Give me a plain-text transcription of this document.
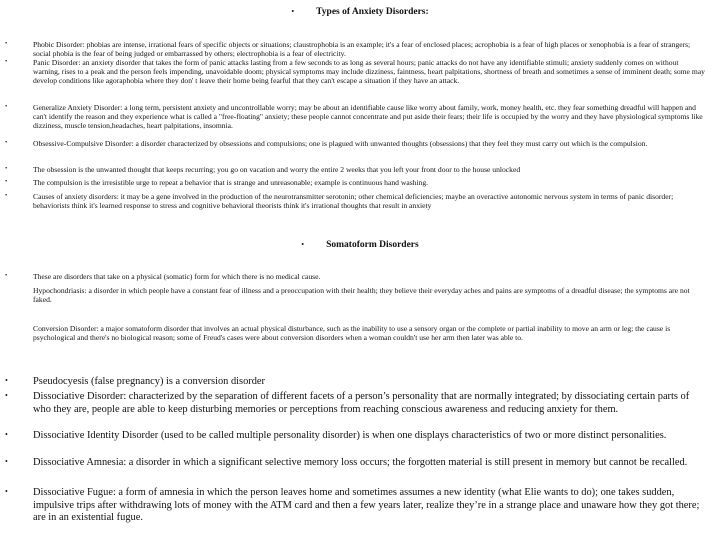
• Types of Anxiety Disorders:
•	Phobic Disorder: phobias are intense, irrational fears of specific objects or situations; claustrophobia is an example; it's a fear of enclosed places; acrophobia is a fear of high places or xenophobia is a fear of strangers; social phobia is the fear of being judged or embarrassed by others; electrophobia is a fear of electricity.
•	Panic Disorder: an anxiety disorder that takes the form of panic attacks lasting from a few seconds to as long as several hours; panic attacks do not have any identifiable stimuli; anxiety suddenly comes on without warning, rises to a peak and the person feels impending, unavoidable doom; physical symptoms may include dizziness, faintness, heart palpitations, shortness of breath and sometimes a sense of imminent death; some may develop conditions like agoraphobia where they don' t leave their home being fearful that they can't escape a situation if they have an attack.
•	Generalize Anxiety Disorder: a long term, persistent anxiety and uncontrollable worry; may be about an identifiable cause like worry about family, work, money health, etc. they fear something dreadful will happen and can't identify the reason and they experience what is called a "free-floating" anxiety; these people cannot concentrate and put aside their fears; their life is occupied by the worry and they have physiological symptoms like dizziness, muscle tension,headaches, heart palpitations, insomnia.
•	Obsessive-Compulsive Disorder: a disorder characterized by obsessions and compulsions; one is plagued with unwanted thoughts (obsessions) that they feel they must carry out which is the compulsion.
•	The obsession is the unwanted thought that keeps recurring; you go on vacation and worry the entire 2 weeks that you left your front door to the house unlocked
•	The compulsion is the irresistible urge to repeat a behavior that is strange and unreasonable; example is continuous hand washing.
•	Causes of anxiety disorders: it may be a gene involved in the production of the neurotransmitter serotonin; other chemical deficiencies; maybe an overactive autonomic nervous system in terms of panic disorder; behaviorists think it's learned response to stress and cognitive behavioral theorists think it's irrational thoughts that result in anxiety
• Somatoform Disorders
•	These are disorders that take on a physical (somatic) form for which there is no medical cause.
Hypochondriasis: a disorder in which people have a constant fear of illness and a preoccupation with their health; they believe their everyday aches and pains are symptoms of a dreadful disease; the symptoms are not faked.
Conversion Disorder: a major somatoform disorder that involves an actual physical disturbance, such as the inability to use a sensory organ or the complete or partial inability to move an arm or leg; the cause is psychological and there's no biological reason; some of Freud's cases were about conversion disorders when a woman couldn't use her arm then later was able to.
• Pseudocyesis (false pregnancy) is a conversion disorder
• Dissociative Disorder: characterized by the separation of different facets of a person’s personality that are normally integrated; by dissociating certain parts of who they are, people are able to keep disturbing memories or perceptions from reaching conscious awareness and reducing anxiety for them.
• Dissociative Identity Disorder (used to be called multiple personality disorder) is when one displays characteristics of two or more distinct personalities.
• Dissociative Amnesia: a disorder in which a significant selective memory loss occurs; the forgotten material is still present in memory but cannot be recalled.
• Dissociative Fugue: a form of amnesia in which the person leaves home and sometimes assumes a new identity (what Elie wants to do); one takes sudden, impulsive trips after withdrawing lots of money with the ATM card and then a few years later, realize they’re in a strange place and unaware how they got there; are in an existential fugue.
